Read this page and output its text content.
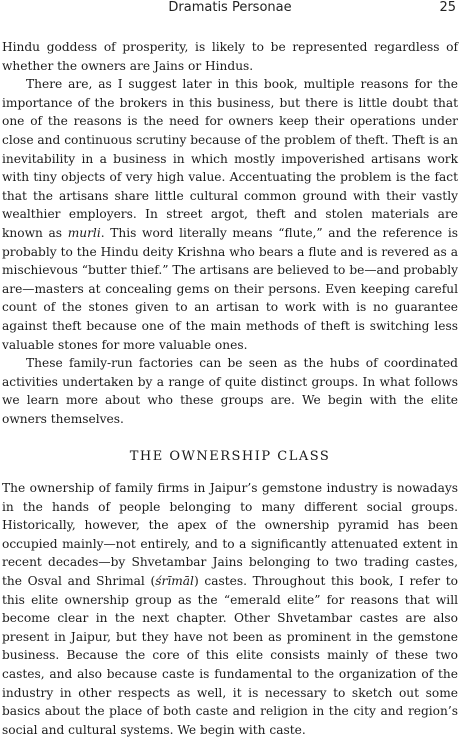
Dramatis Personae	25

Hindu goddess of prosperity, is likely to be represented regardless of whether the owners are Jains or Hindus.

There are, as I suggest later in this book, multiple reasons for the importance of the brokers in this business, but there is little doubt that one of the reasons is the need for owners keep their operations under close and continuous scrutiny because of the problem of theft. Theft is an inevitability in a business in which mostly impoverished artisans work with tiny objects of very high value. Accentuating the problem is the fact that the artisans share little cultural common ground with their vastly wealthier employers. In street argot, theft and stolen materials are known as murli. This word literally means “flute,” and the reference is probably to the Hindu deity Krishna who bears a flute and is revered as a mischievous “butter thief.” The artisans are believed to be—and probably are—masters at concealing gems on their persons. Even keeping careful count of the stones given to an artisan to work with is no guarantee against theft because one of the main methods of theft is switching less valuable stones for more valuable ones.

These family-run factories can be seen as the hubs of coordinated activities undertaken by a range of quite distinct groups. In what follows we learn more about who these groups are. We begin with the elite owners themselves.

THE OWNERSHIP CLASS

The ownership of family firms in Jaipur’s gemstone industry is nowadays in the hands of people belonging to many different social groups. Historically, however, the apex of the ownership pyramid has been occupied mainly—not entirely, and to a significantly attenuated extent in recent decades—by Shvetambar Jains belonging to two trading castes, the Osval and Shrimal (śrīmāl) castes. Throughout this book, I refer to this elite ownership group as the “emerald elite” for reasons that will become clear in the next chapter. Other Shvetambar castes are also present in Jaipur, but they have not been as prominent in the gemstone business. Because the core of this elite consists mainly of these two castes, and also because caste is fundamental to the organization of the industry in other respects as well, it is necessary to sketch out some basics about the place of both caste and religion in the city and region’s social and cultural systems. We begin with caste.
